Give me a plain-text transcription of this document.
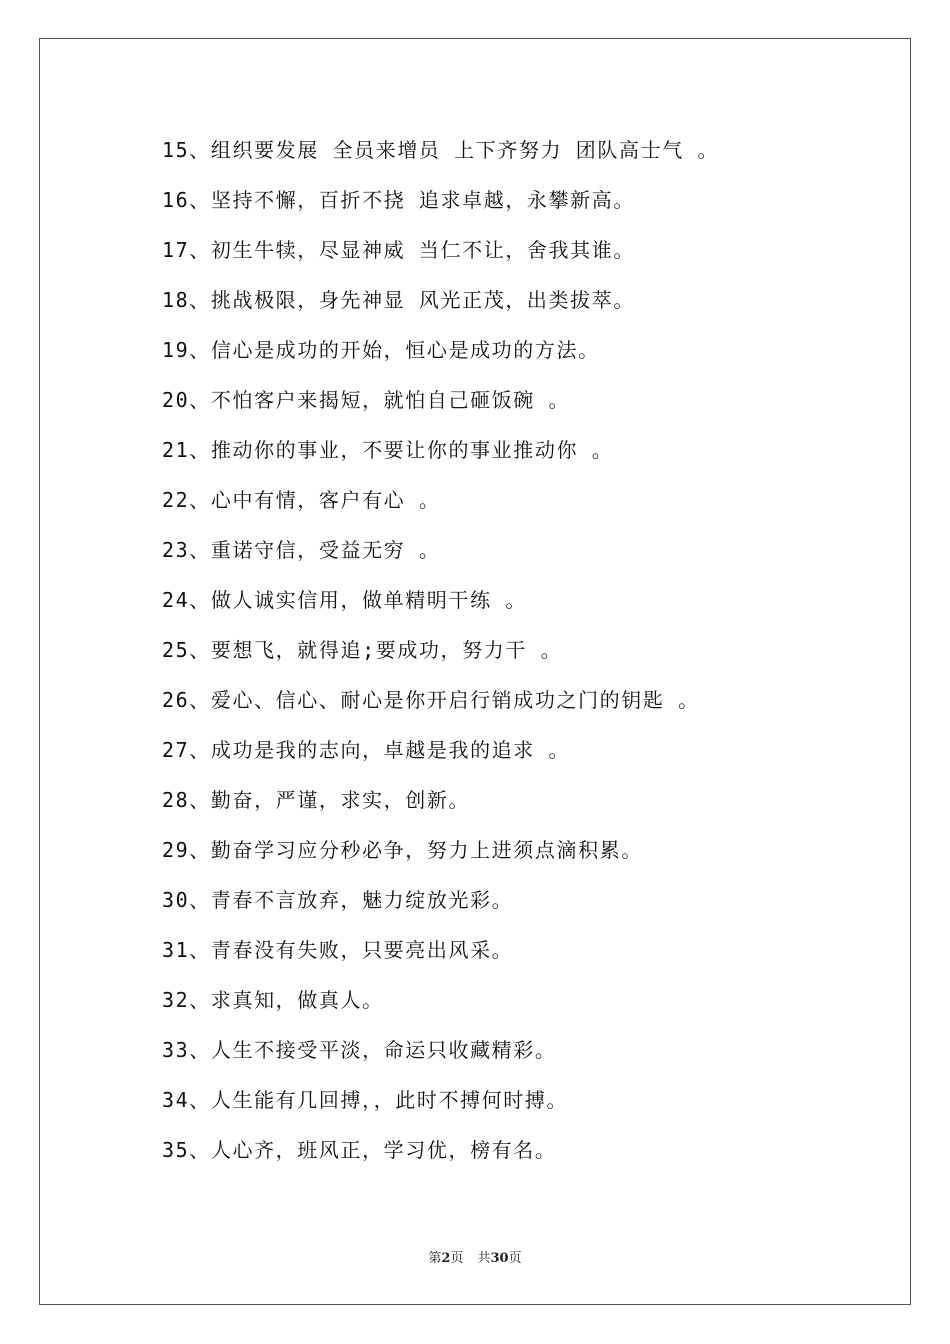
15、组织要发展 全员来增员 上下齐努力 团队高士气 。
16、坚持不懈，百折不挠 追求卓越，永攀新高。
17、初生牛犊，尽显神威 当仁不让，舍我其谁。
18、挑战极限，身先神显 风光正茂，出类拔萃。
19、信心是成功的开始，恒心是成功的方法。
20、不怕客户来揭短，就怕自己砸饭碗 。
21、推动你的事业，不要让你的事业推动你 。
22、心中有情，客户有心 。
23、重诺守信，受益无穷 。
24、做人诚实信用，做单精明干练 。
25、要想飞，就得追;要成功，努力干 。
26、爱心、信心、耐心是你开启行销成功之门的钥匙 。
27、成功是我的志向，卓越是我的追求 。
28、勤奋，严谨，求实，创新。
29、勤奋学习应分秒必争，努力上进须点滴积累。
30、青春不言放弃，魅力绽放光彩。
31、青春没有失败，只要亮出风采。
32、求真知，做真人。
33、人生不接受平淡，命运只收藏精彩。
34、人生能有几回搏，，此时不搏何时搏。
35、人心齐，班风正，学习优，榜有名。
第2页 共30页
